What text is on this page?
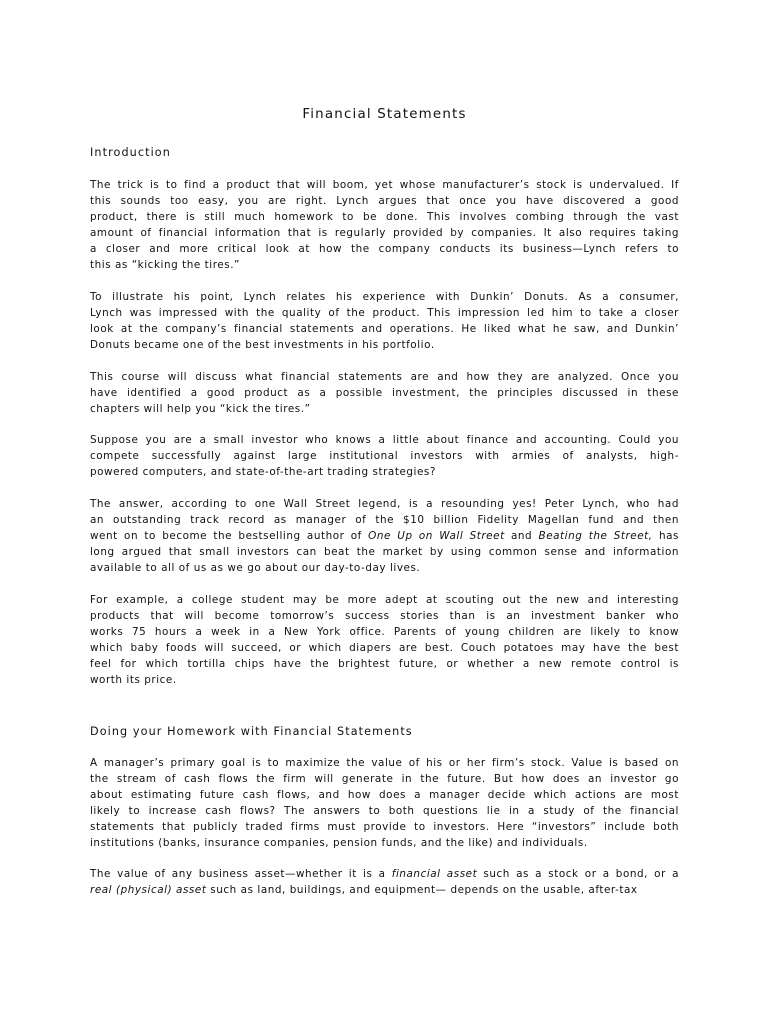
Financial Statements
Introduction

The trick is to find a product that will boom, yet whose manufacturer’s stock is undervalued. If
this sounds too easy, you are right. Lynch argues that once you have discovered a good
product, there is still much homework to be done. This involves combing through the vast
amount of financial information that is regularly provided by companies. It also requires taking
a closer and more critical look at how the company conducts its business—Lynch refers to
this as “kicking the tires.”

To illustrate his point, Lynch relates his experience with Dunkin’ Donuts. As a consumer,
Lynch was impressed with the quality of the product. This impression led him to take a closer
look at the company’s financial statements and operations. He liked what he saw, and Dunkin’
Donuts became one of the best investments in his portfolio.

This course will discuss what financial statements are and how they are analyzed. Once you
have identified a good product as a possible investment, the principles discussed in these
chapters will help you “kick the tires.”

Suppose you are a small investor who knows a little about finance and accounting. Could you
compete successfully against large institutional investors with armies of analysts, high-
powered computers, and state-of-the-art trading strategies?

The answer, according to one Wall Street legend, is a resounding yes! Peter Lynch, who had
an outstanding track record as manager of the $10 billion Fidelity Magellan fund and then
went on to become the bestselling author of One Up on Wall Street and Beating the Street, has
long argued that small investors can beat the market by using common sense and information
available to all of us as we go about our day-to-day lives.

For example, a college student may be more adept at scouting out the new and interesting
products that will become tomorrow’s success stories than is an investment banker who
works 75 hours a week in a New York office. Parents of young children are likely to know
which baby foods will succeed, or which diapers are best. Couch potatoes may have the best
feel for which tortilla chips have the brightest future, or whether a new remote control is
worth its price.

Doing your Homework with Financial Statements

A manager’s primary goal is to maximize the value of his or her firm’s stock. Value is based on
the stream of cash flows the firm will generate in the future. But how does an investor go
about estimating future cash flows, and how does a manager decide which actions are most
likely to increase cash flows? The answers to both questions lie in a study of the financial
statements that publicly traded firms must provide to investors. Here “investors” include both
institutions (banks, insurance companies, pension funds, and the like) and individuals.

The value of any business asset—whether it is a financial asset such as a stock or a bond, or a
real (physical) asset such as land, buildings, and equipment— depends on the usable, after-tax
